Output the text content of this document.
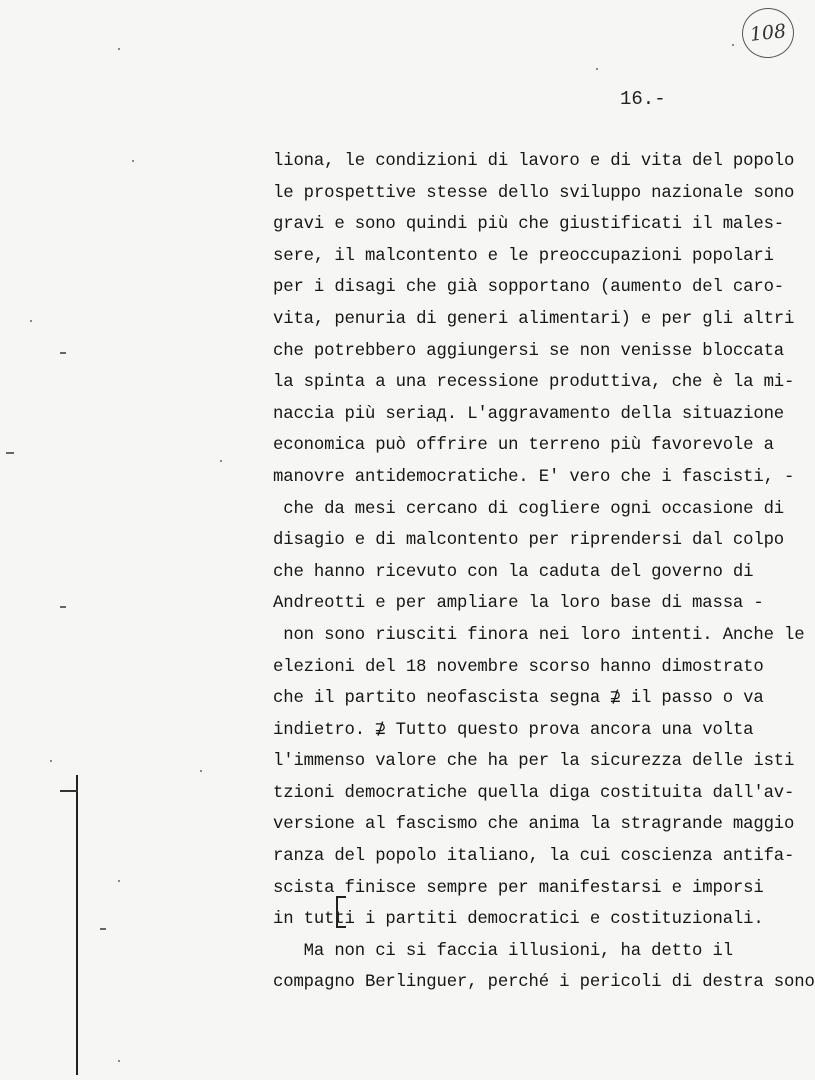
108
16.-
liona, le condizioni di lavoro e di vita del popolo
le prospettive stesse dello sviluppo nazionale sono
gravi e sono quindi più che giustificati il males-
sere, il malcontento e le preoccupazioni popolari
per i disagi che già sopportano (aumento del caro-
vita, penuria di generi alimentari) e per gli altri
che potrebbero aggiungersi se non venisse bloccata
la spinta a una recessione produttiva, che è la mi-
naccia più seriaд. L'aggravamento della situazione
economica può offrire un terreno più favorevole a
manovre antidemocratiche. E' vero che i fascisti, -
che da mesi cercano di cogliere ogni occasione di
disagio e di malcontento per riprendersi dal colpo
che hanno ricevuto con la caduta del governo di
Andreotti e per ampliare la loro base di massa -
non sono riusciti finora nei loro intenti. Anche le
elezioni del 18 novembre scorso hanno dimostrato
che il partito neofascista segna ⊉ il passo o va
indietro. ⊉ Tutto questo prova ancora una volta
l'immenso valore che ha per la sicurezza delle isti
tzioni democratiche quella diga costituita dall'av-
versione al fascismo che anima la stragrande maggio
ranza del popolo italiano, la cui coscienza antifa-
scista finisce sempre per manifestarsi e imporsi
in tutti i partiti democratici e costituzionali.
Ma non ci si faccia illusioni, ha detto il
compagno Berlinguer, perché i pericoli di destra sono
